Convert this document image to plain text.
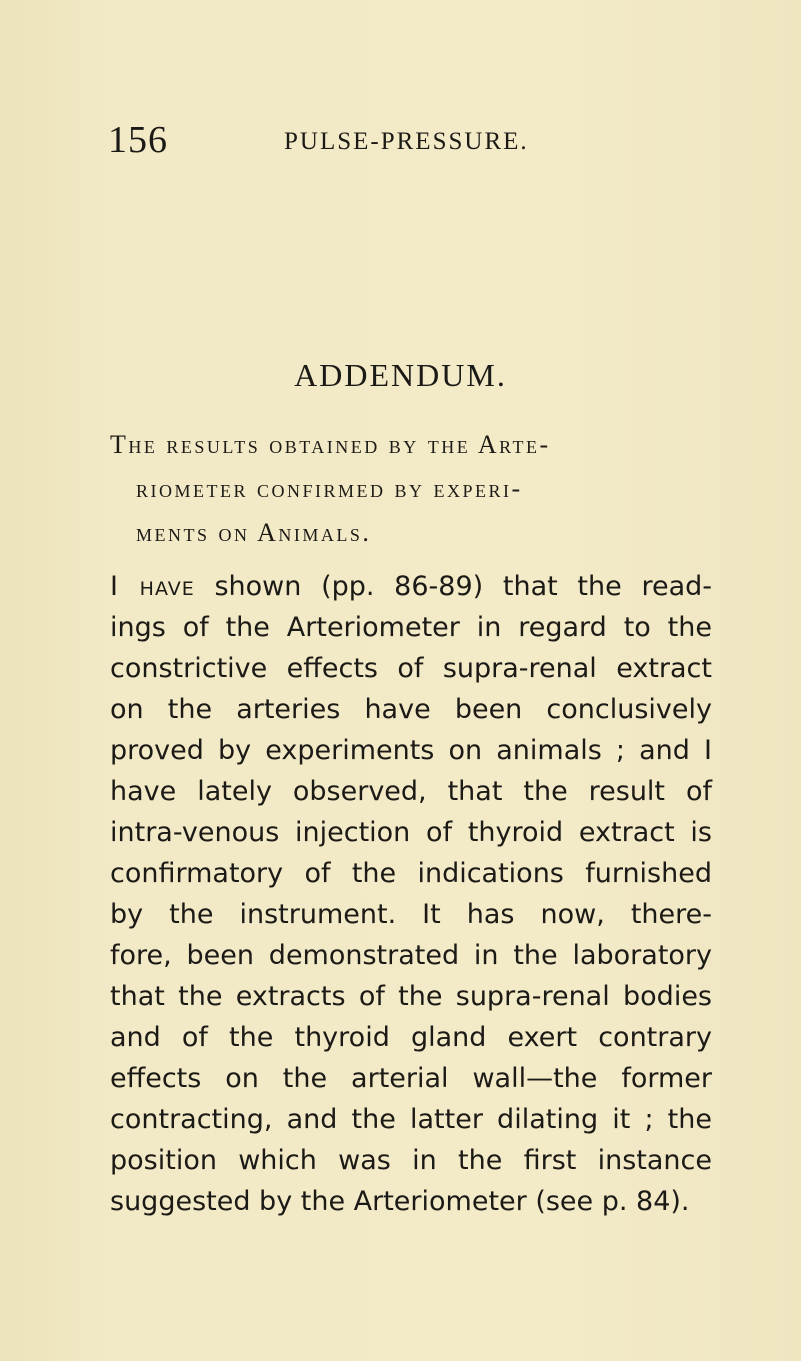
156	PULSE-PRESSURE.
ADDENDUM.
The results obtained by the Arte-
riometer confirmed by experi-
ments on Animals.
I have shown (pp. 86-89) that the read-
ings of the Arteriometer in regard to the
constrictive effects of supra-renal extract
on the arteries have been conclusively
proved by experiments on animals ; and I
have lately observed, that the result of
intra-venous injection of thyroid extract is
confirmatory of the indications furnished
by the instrument. It has now, there-
fore, been demonstrated in the laboratory
that the extracts of the supra-renal bodies
and of the thyroid gland exert contrary
effects on the arterial wall—the former
contracting, and the latter dilating it ; the
position which was in the first instance
suggested by the Arteriometer (see p. 84).
